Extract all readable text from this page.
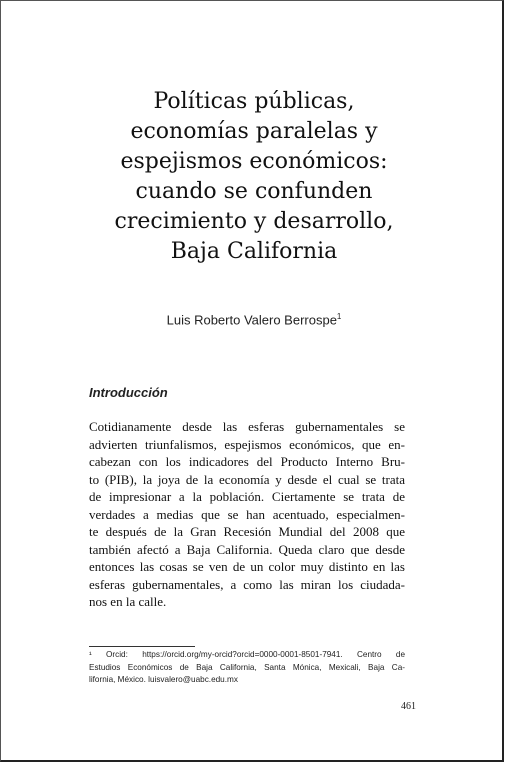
Políticas públicas,
economías paralelas y
espejismos económicos:
cuando se confunden
crecimiento y desarrollo,
Baja California

Luis Roberto Valero Berrospe$^1$

Introducción
Cotidianamente desde las esferas gubernamentales se
advierten triunfalismos, espejismos económicos, que en-
cabezan con los indicadores del Producto Interno Bru-
to (PIB), la joya de la economía y desde el cual se trata
de impresionar a la población. Ciertamente se trata de
verdades a medias que se han acentuado, especialmen-
te después de la Gran Recesión Mundial del 2008 que
también afectó a Baja California. Queda claro que desde
entonces las cosas se ven de un color muy distinto en las
esferas gubernamentales, a como las miran los ciudada-
nos en la calle.
¹ Orcid: https://orcid.org/my-orcid?orcid=0000-0001-8501-7941. Centro de
Estudios Económicos de Baja California, Santa Mónica, Mexicali, Baja Ca-
lifornia, México. luisvalero@uabc.edu.mx
461
